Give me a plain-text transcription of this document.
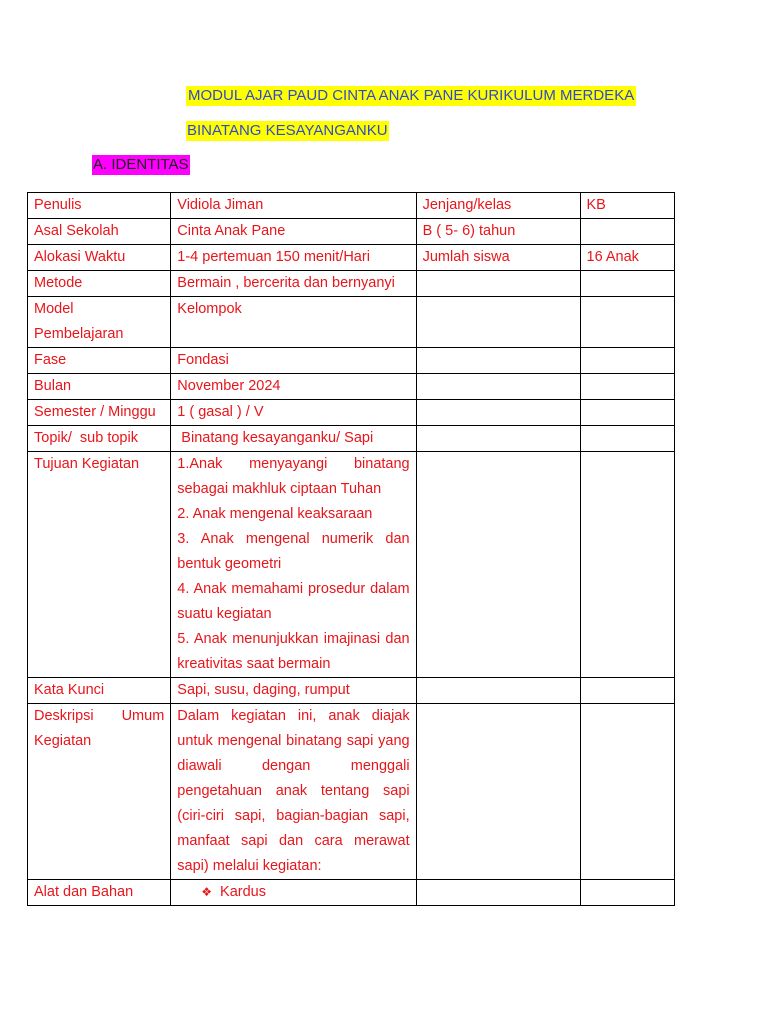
MODUL AJAR PAUD CINTA ANAK PANE KURIKULUM MERDEKA
BINATANG KESAYANGANKU
A. IDENTITAS
Penulis	Vidiola Jiman	Jenjang/kelas	KB
Asal Sekolah	Cinta Anak Pane	B ( 5- 6) tahun	
Alokasi Waktu	1-4 pertemuan 150 menit/Hari	Jumlah siswa	16 Anak
Metode	Bermain , bercerita dan bernyanyi		
Model Pembelajaran	Kelompok		
Fase	Fondasi		
Bulan	November 2024		
Semester / Minggu	1 ( gasal ) / V		
Topik/  sub topik	Binatang kesayanganku/ Sapi		
Tujuan Kegiatan	1.Anak menyayangi binatang sebagai makhluk ciptaan Tuhan
2. Anak mengenal keaksaraan
3. Anak mengenal numerik dan bentuk geometri
4. Anak memahami prosedur dalam suatu kegiatan
5. Anak menunjukkan imajinasi dan kreativitas saat bermain		

Kata Kunci	Sapi, susu, daging, rumput		
Deskripsi Umum Kegiatan	Dalam kegiatan ini, anak diajak untuk mengenal binatang sapi yang diawali dengan menggali pengetahuan anak tentang sapi (ciri-ciri sapi, bagian-bagian sapi, manfaat sapi dan cara merawat sapi) melalui kegiatan:		
Alat dan Bahan	❖ Kardus		
